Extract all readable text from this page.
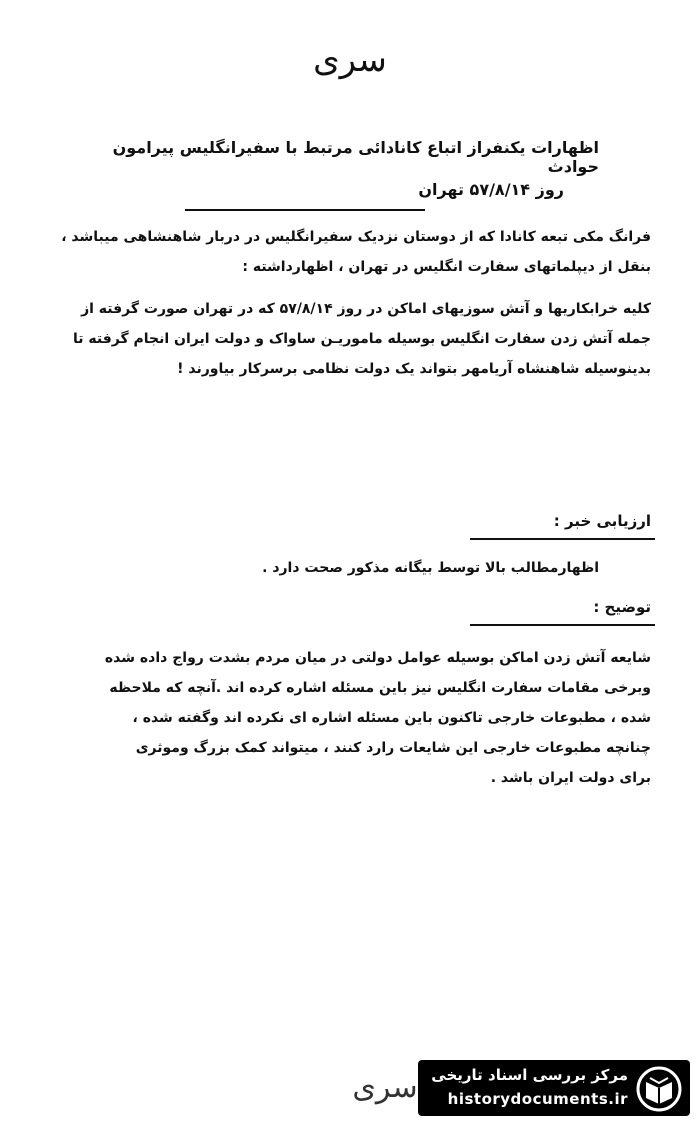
سری
اظهارات یکنفراز اتباع کانادائی مرتبط با سفیرانگلیس پیرامون حوادث
روز ۵۷/۸/۱۴ تهران

فرانگ مکی تبعه کانادا که از دوستان نزدیک سفیرانگلیس در دربار شاهنشاهی میباشد ،

بنقل از دیپلماتهای سفارت انگلیس در تهران ، اظهارداشته :

کلیه خرابکاریها و آتش سوزیهای اماکن در روز ۵۷/۸/۱۴ که در تهران صورت گرفته از

جمله آتش زدن سفارت انگلیس بوسیله ماموریـن ساواک و دولت ایران انجام گرفته تا

بدینوسیله شاهنشاه آریامهر بتواند یک دولت نظامی برسرکار بیاورند !

ارزیابی خبر :
اظهارمطالب بالا توسط بیگانه مذکور صحت دارد .
توضیح :

شایعه آتش زدن اماکن بوسیله عوامل دولتی در میان مردم بشدت رواج داده شده

وبرخی مقامات سفارت انگلیس نیز باین مسئله اشاره کرده اند .آنچه که ملاحظه

شده ، مطبوعات خارجی تاکنون باین مسئله اشاره ای نکرده اند وگفته شده ،

چنانچه مطبوعات خارجی این شایعات رارد کنند ، میتواند کمک بزرگ وموثری

برای دولت ایران باشد .

سری مرکز بررسی اسناد تاریخی
historydocuments.ir
